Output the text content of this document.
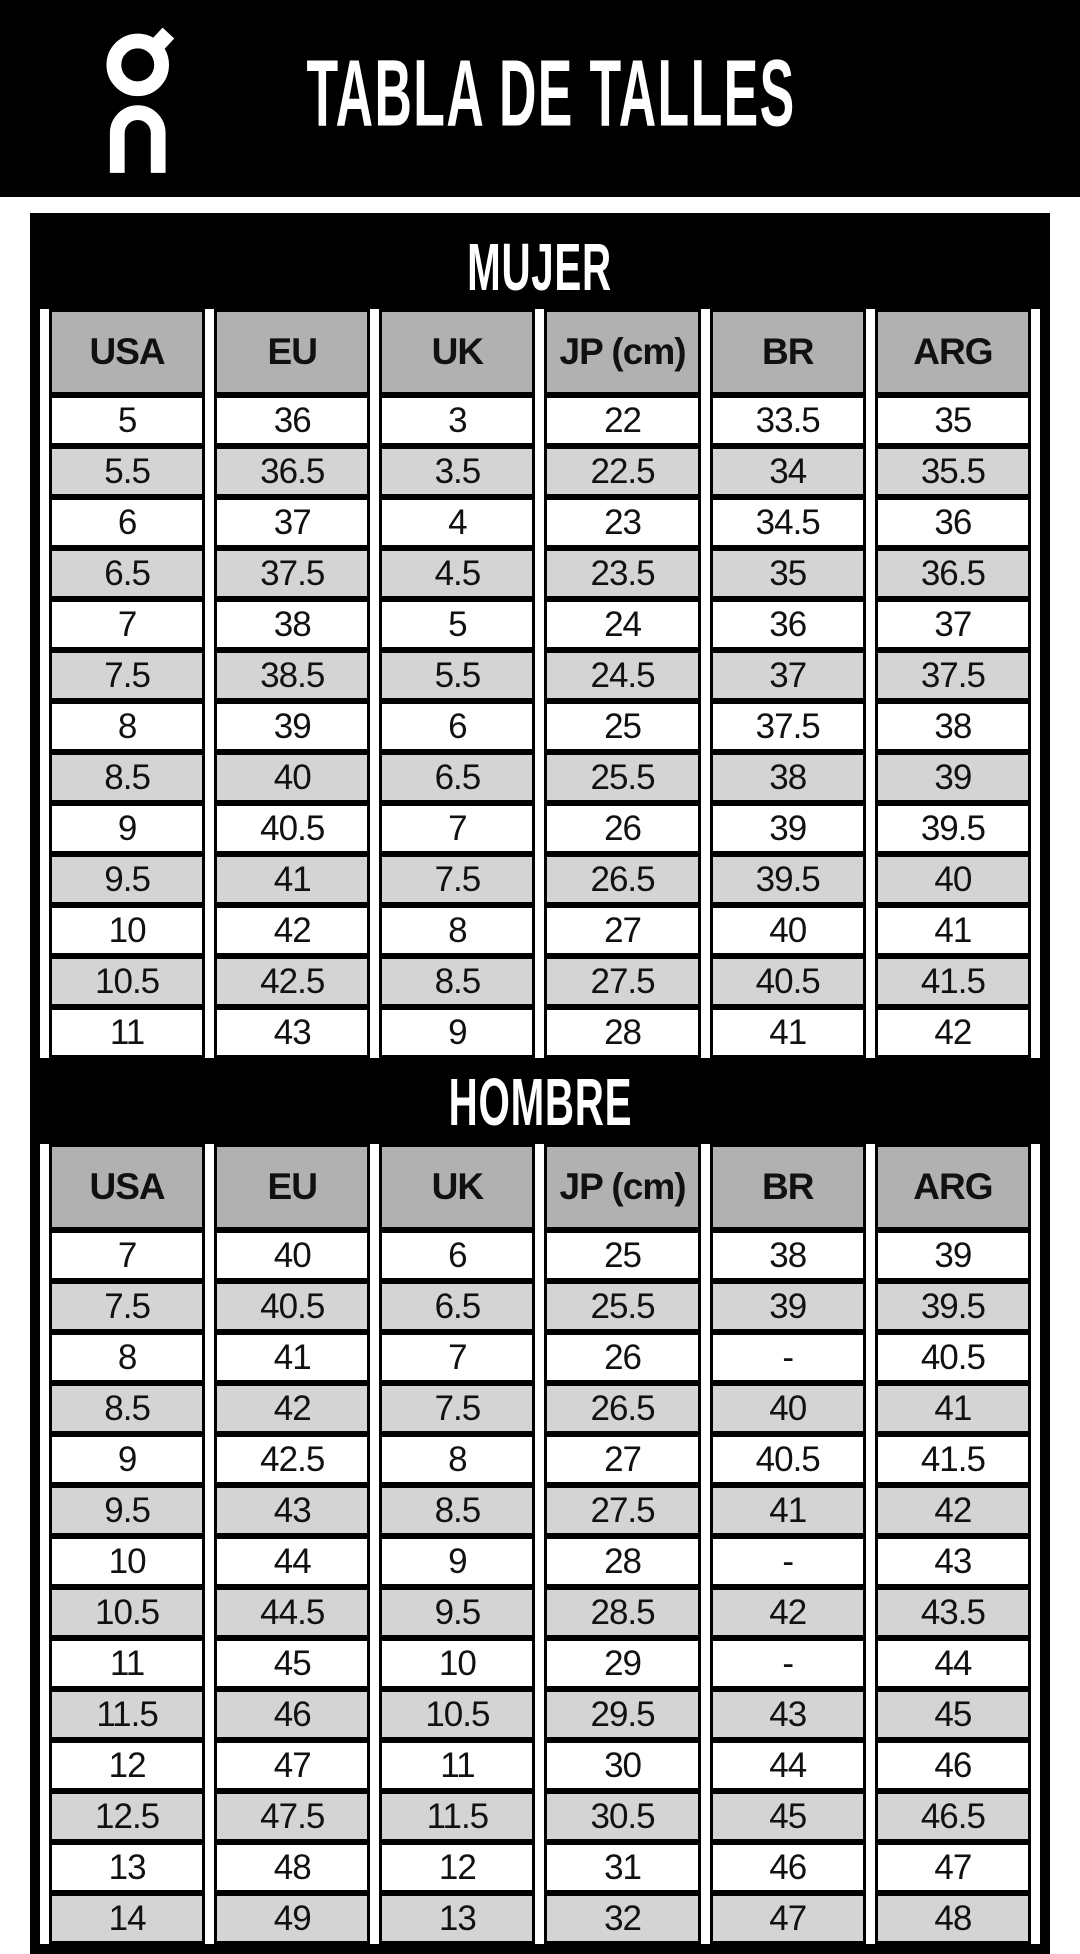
TABLA DE TALLES
MUJER
USA	EU	UK	JP (cm)	BR	ARG
5	36	3	22	33.5	35
5.5	36.5	3.5	22.5	34	35.5
6	37	4	23	34.5	36
6.5	37.5	4.5	23.5	35	36.5
7	38	5	24	36	37
7.5	38.5	5.5	24.5	37	37.5
8	39	6	25	37.5	38
8.5	40	6.5	25.5	38	39
9	40.5	7	26	39	39.5
9.5	41	7.5	26.5	39.5	40
10	42	8	27	40	41
10.5	42.5	8.5	27.5	40.5	41.5
11	43	9	28	41	42
HOMBRE
USA	EU	UK	JP (cm)	BR	ARG
7	40	6	25	38	39
7.5	40.5	6.5	25.5	39	39.5
8	41	7	26	-	40.5
8.5	42	7.5	26.5	40	41
9	42.5	8	27	40.5	41.5
9.5	43	8.5	27.5	41	42
10	44	9	28	-	43
10.5	44.5	9.5	28.5	42	43.5
11	45	10	29	-	44
11.5	46	10.5	29.5	43	45
12	47	11	30	44	46
12.5	47.5	11.5	30.5	45	46.5
13	48	12	31	46	47
14	49	13	32	47	48
